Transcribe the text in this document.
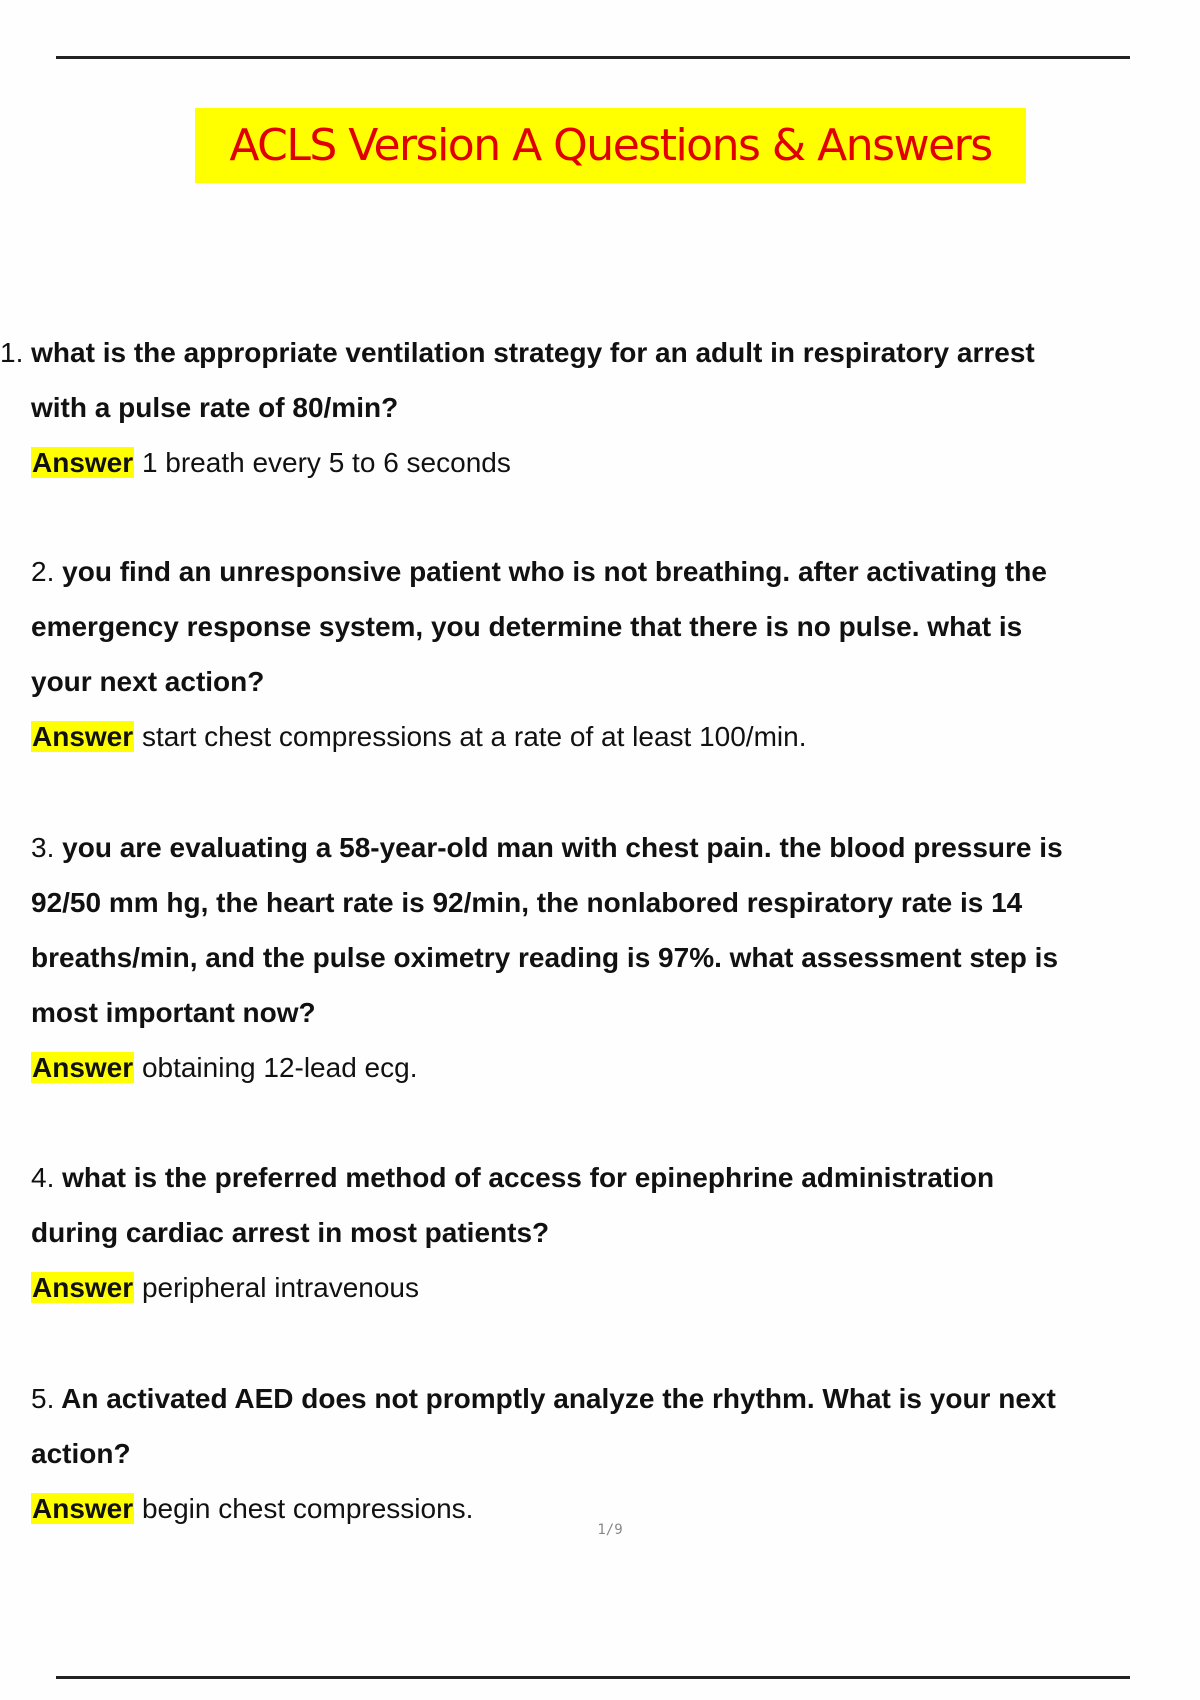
ACLS Version A Questions & Answers
1. what is the appropriate ventilation strategy for an adult in respiratory arrest
with a pulse rate of 80/min?
Answer 1 breath every 5 to 6 seconds
2. you find an unresponsive patient who is not breathing. after activating the
emergency response system, you determine that there is no pulse. what is
your next action?
Answer start chest compressions at a rate of at least 100/min.
3. you are evaluating a 58-year-old man with chest pain. the blood pressure is
92/50 mm hg, the heart rate is 92/min, the nonlabored respiratory rate is 14
breaths/min, and the pulse oximetry reading is 97%. what assessment step is
most important now?
Answer obtaining 12-lead ecg.
4. what is the preferred method of access for epinephrine administration
during cardiac arrest in most patients?
Answer peripheral intravenous
5. An activated AED does not promptly analyze the rhythm. What is your next
action?
Answer begin chest compressions.
1/9
